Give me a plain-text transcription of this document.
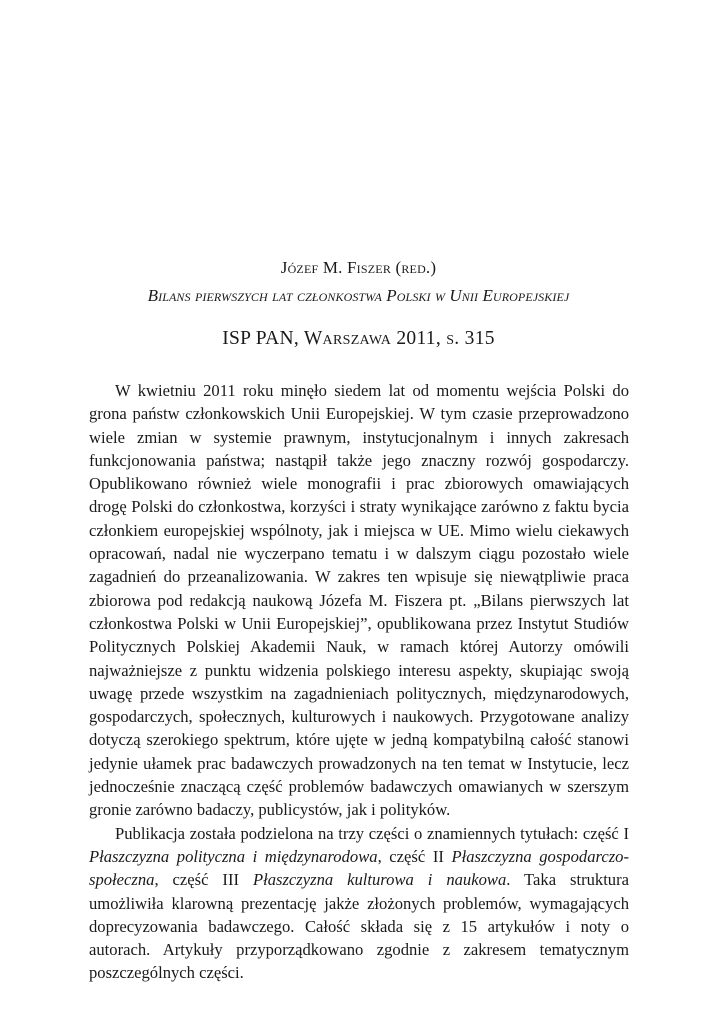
Józef M. Fiszer (red.)
Bilans pierwszych lat członkostwa Polski w Unii Europejskiej
ISP PAN, Warszawa 2011, s. 315

W kwietniu 2011 roku minęło siedem lat od momentu wejścia Polski do grona państw członkowskich Unii Europejskiej. W tym czasie przeprowadzono wiele zmian w systemie prawnym, instytucjonalnym i innych zakresach funkcjonowania państwa; nastąpił także jego znaczny rozwój gospodarczy. Opublikowano również wiele monografii i prac zbiorowych omawiających drogę Polski do członkostwa, korzyści i straty wynikające zarówno z faktu bycia członkiem europejskiej wspólnoty, jak i miejsca w UE. Mimo wielu ciekawych opracowań, nadal nie wyczerpano tematu i w dalszym ciągu pozostało wiele zagadnień do przeanalizowania. W zakres ten wpisuje się niewątpliwie praca zbiorowa pod redakcją naukową Józefa M. Fiszera pt. „Bilans pierwszych lat członkostwa Polski w Unii Europejskiej”, opublikowana przez Instytut Studiów Politycznych Polskiej Akademii Nauk, w ramach której Autorzy omówili najważniejsze z punktu widzenia polskiego interesu aspekty, skupiając swoją uwagę przede wszystkim na zagadnieniach politycznych, międzynarodowych, gospodarczych, społecznych, kulturowych i naukowych. Przygotowane analizy dotyczą szerokiego spektrum, które ujęte w jedną kompatybilną całość stanowi jedynie ułamek prac badawczych prowadzonych na ten temat w Instytucie, lecz jednocześnie znaczącą część problemów badawczych omawianych w szerszym gronie zarówno badaczy, publicystów, jak i polityków.

Publikacja została podzielona na trzy części o znamiennych tytułach: część I Płaszczyzna polityczna i międzynarodowa, część II Płaszczyzna gospodarczo-społeczna, część III Płaszczyzna kulturowa i naukowa. Taka struktura umożliwiła klarowną prezentację jakże złożonych problemów, wymagających doprecyzowania badawczego. Całość składa się z 15 artykułów i noty o autorach. Artykuły przyporządkowano zgodnie z zakresem tematycznym poszczególnych części.
